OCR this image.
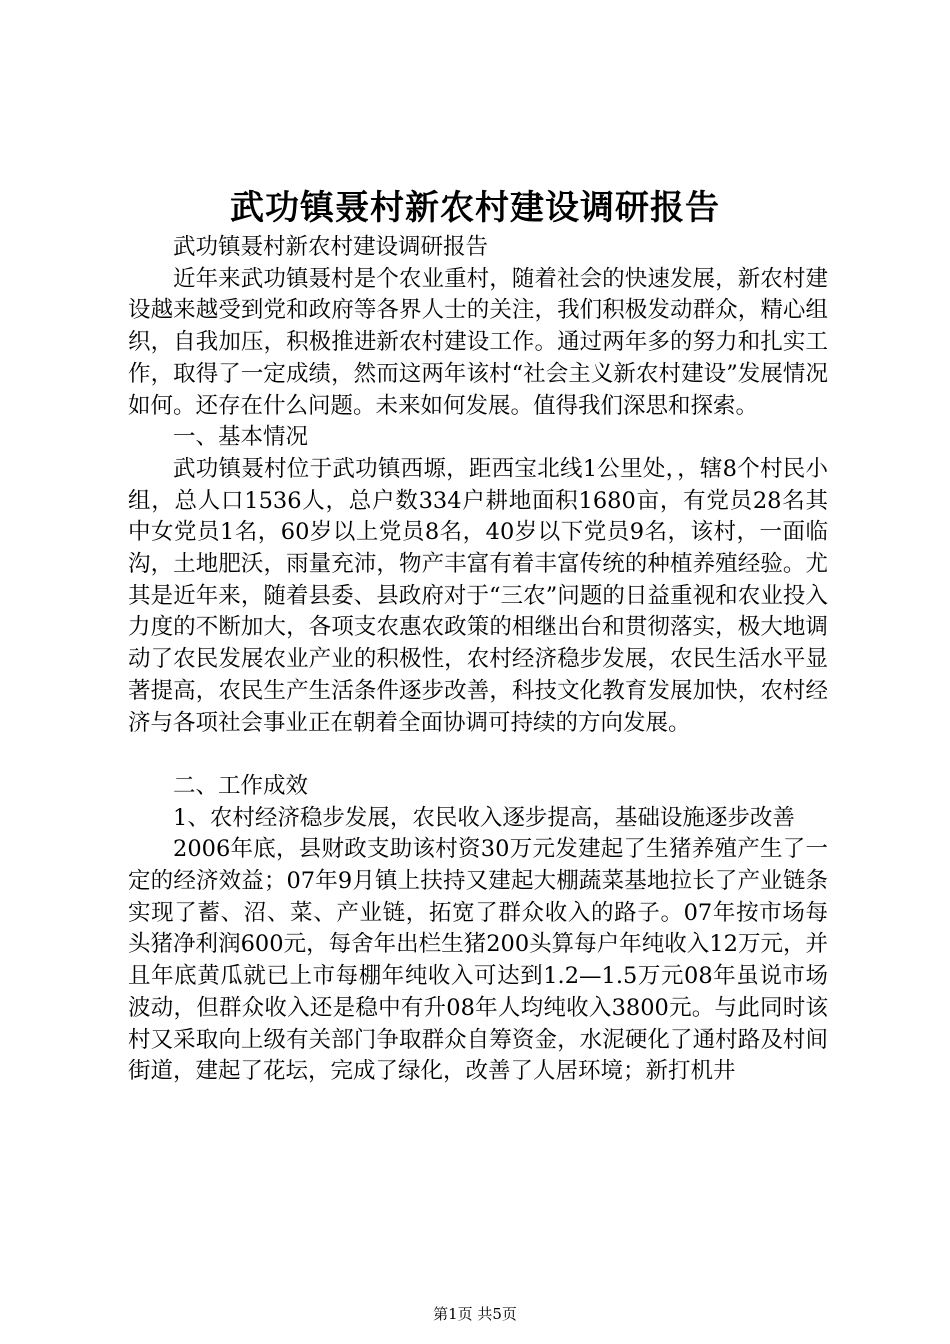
武功镇聂村新农村建设调研报告

武功镇聂村新农村建设调研报告

近年来武功镇聂村是个农业重村，随着社会的快速发展，新农村建设越来越受到党和政府等各界人士的关注，我们积极发动群众，精心组织，自我加压，积极推进新农村建设工作。通过两年多的努力和扎实工作，取得了一定成绩，然而这两年该村“社会主义新农村建设”发展情况如何。还存在什么问题。未来如何发展。值得我们深思和探索。

一、基本情况

武功镇聂村位于武功镇西塬，距西宝北线1公里处，，辖8个村民小组，总人口1536人，总户数334户耕地面积1680亩，有党员28名其中女党员1名，60岁以上党员8名，40岁以下党员9名，该村，一面临沟，土地肥沃，雨量充沛，物产丰富有着丰富传统的种植养殖经验。尤其是近年来，随着县委、县政府对于“三农”问题的日益重视和农业投入力度的不断加大，各项支农惠农政策的相继出台和贯彻落实，极大地调动了农民发展农业产业的积极性，农村经济稳步发展，农民生活水平显著提高，农民生产生活条件逐步改善，科技文化教育发展加快，农村经济与各项社会事业正在朝着全面协调可持续的方向发展。

二、工作成效

1、农村经济稳步发展，农民收入逐步提高，基础设施逐步改善

2006年底，县财政支助该村资30万元发建起了生猪养殖产生了一定的经济效益；07年9月镇上扶持又建起大棚蔬菜基地拉长了产业链条实现了蓄、沼、菜、产业链，拓宽了群众收入的路子。07年按市场每头猪净利润600元，每舍年出栏生猪200头算每户年纯收入12万元，并且年底黄瓜就已上市每棚年纯收入可达到1.2—1.5万元08年虽说市场波动，但群众收入还是稳中有升08年人均纯收入3800元。与此同时该村又采取向上级有关部门争取群众自筹资金，水泥硬化了通村路及村间街道，建起了花坛，完成了绿化，改善了人居环境；新打机井

第1页 共5页
